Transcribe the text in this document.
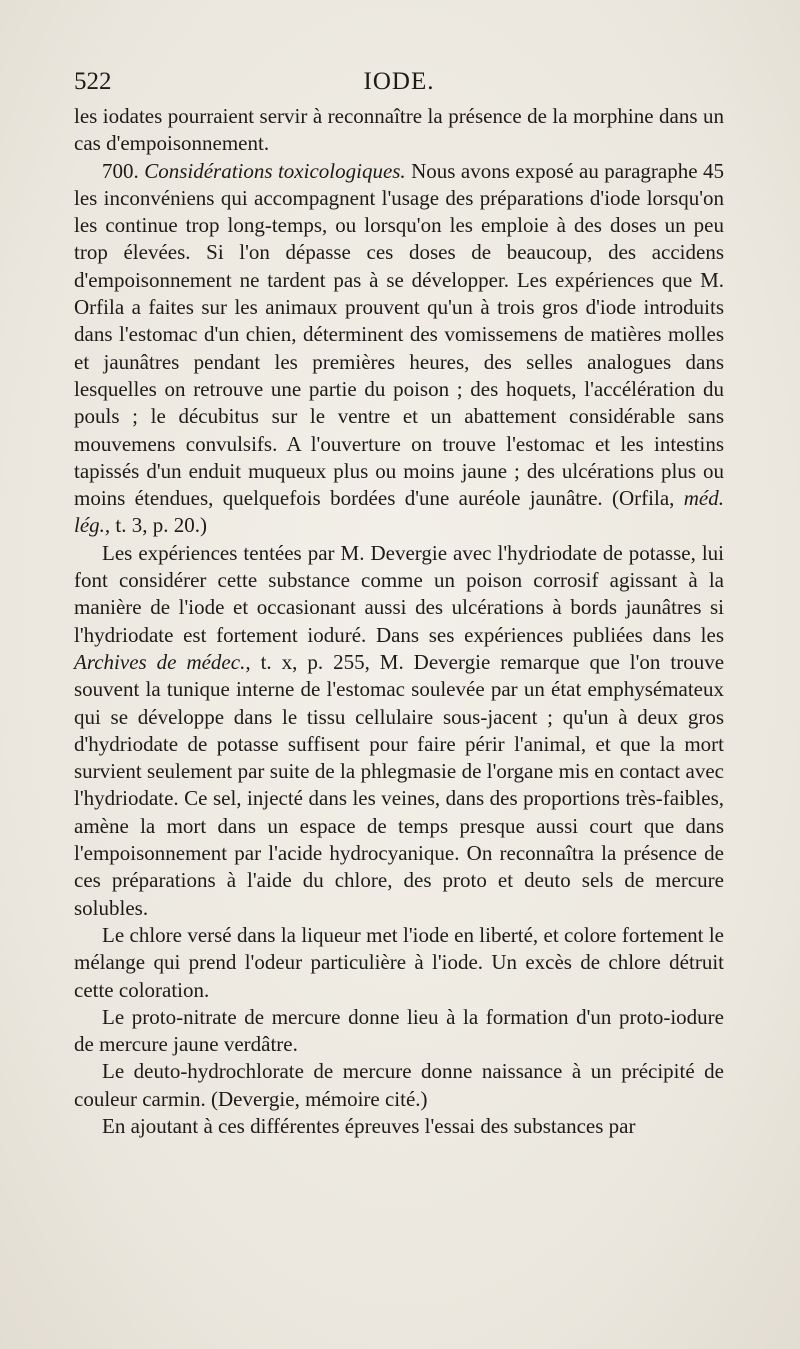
522	IODE.

les iodates pourraient servir à reconnaître la présence de la morphine dans un cas d'empoisonnement.

700. Considérations toxicologiques. Nous avons exposé au paragraphe 45 les inconvéniens qui accompagnent l'usage des préparations d'iode lorsqu'on les continue trop long-temps, ou lorsqu'on les emploie à des doses un peu trop élevées. Si l'on dépasse ces doses de beaucoup, des accidens d'empoisonnement ne tardent pas à se développer. Les expériences que M. Orfila a faites sur les animaux prouvent qu'un à trois gros d'iode introduits dans l'estomac d'un chien, déterminent des vomissemens de matières molles et jaunâtres pendant les premières heures, des selles analogues dans lesquelles on retrouve une partie du poison ; des hoquets, l'accélération du pouls ; le décubitus sur le ventre et un abattement considérable sans mouvemens convulsifs. A l'ouverture on trouve l'estomac et les intestins tapissés d'un enduit muqueux plus ou moins jaune ; des ulcérations plus ou moins étendues, quelquefois bordées d'une auréole jaunâtre. (Orfila, méd. lég., t. 3, p. 20.)

Les expériences tentées par M. Devergie avec l'hydriodate de potasse, lui font considérer cette substance comme un poison corrosif agissant à la manière de l'iode et occasionant aussi des ulcérations à bords jaunâtres si l'hydriodate est fortement ioduré. Dans ses expériences publiées dans les Archives de médec., t. x, p. 255, M. Devergie remarque que l'on trouve souvent la tunique interne de l'estomac soulevée par un état emphysémateux qui se développe dans le tissu cellulaire sous-jacent ; qu'un à deux gros d'hydriodate de potasse suffisent pour faire périr l'animal, et que la mort survient seulement par suite de la phlegmasie de l'organe mis en contact avec l'hydriodate. Ce sel, injecté dans les veines, dans des proportions très-faibles, amène la mort dans un espace de temps presque aussi court que dans l'empoisonnement par l'acide hydrocyanique. On reconnaîtra la présence de ces préparations à l'aide du chlore, des proto et deuto sels de mercure solubles.

Le chlore versé dans la liqueur met l'iode en liberté, et colore fortement le mélange qui prend l'odeur particulière à l'iode. Un excès de chlore détruit cette coloration.

Le proto-nitrate de mercure donne lieu à la formation d'un proto-iodure de mercure jaune verdâtre.

Le deuto-hydrochlorate de mercure donne naissance à un précipité de couleur carmin. (Devergie, mémoire cité.)

En ajoutant à ces différentes épreuves l'essai des substances par
